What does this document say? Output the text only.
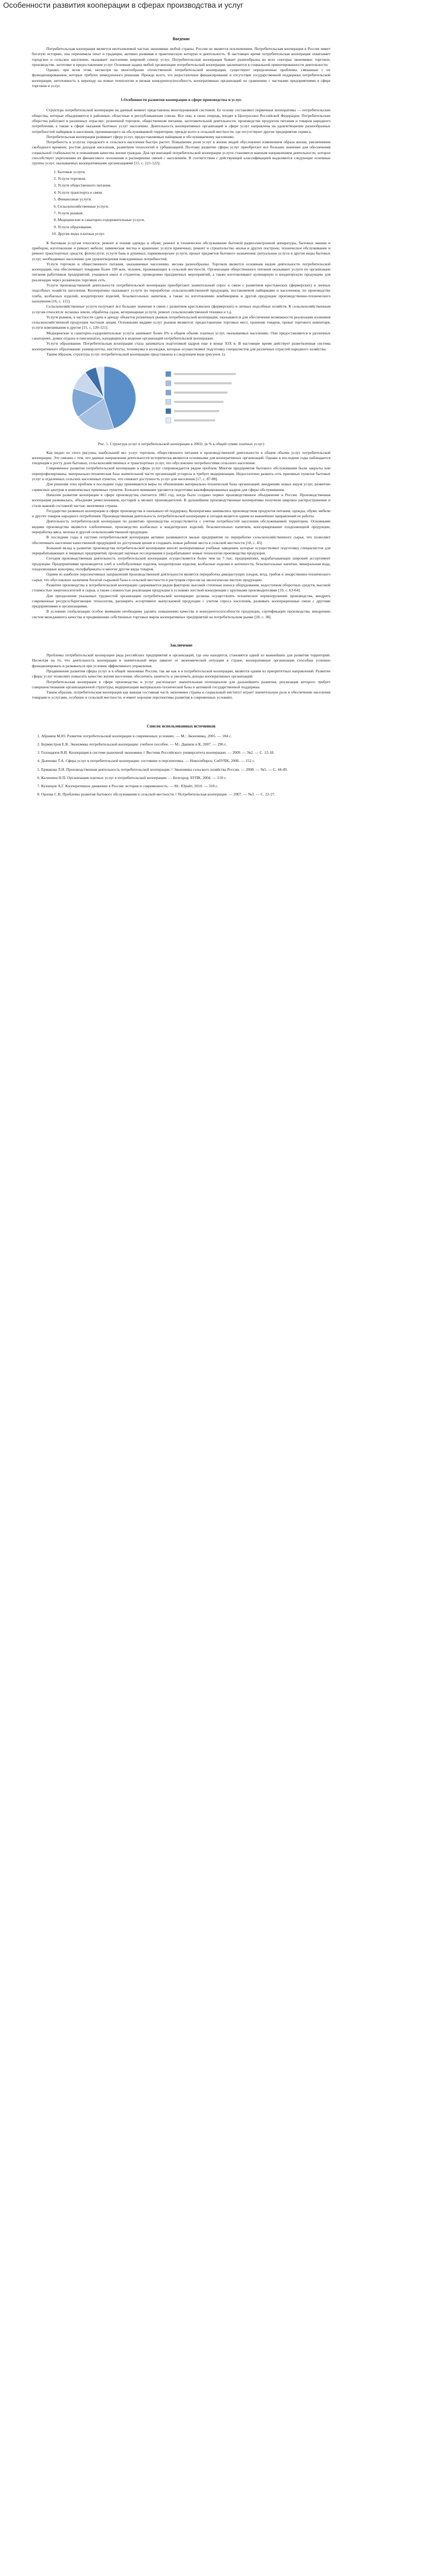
Особенности развития кооперации в сферах производства и услуг
Введение

Потребительская кооперация является неотъемлемой частью экономики любой страны. России не является исключением. Потребительская кооперация в России имеет богатую историю, она перенимала опыт и традиции, активно развивая в практическую которую и деятельность. В настоящее время потребительская кооперация охватывает городское и сельское население, оказывает населению широкий спектр услуг. Потребительская кооперация бывает разнообразна во всех секторах экономики: торговле, производстве, заготовке и предоставлении услуг. Основная задача любой организации потребительской кооперации заключается в социальной ориентированности деятельности.

Однако, при всем этом, несмотря на многообразие отечественной потребительской кооперации, существуют определенные проблемы, связанные с их функционированием, которые требуют немедленного решения. Прежде всего, это недостаточное финансирование и отсутствие государственной поддержки потребительской кооперации, неготовность к переходу на новые технологии и низкая конкурентоспособность кооперативных организаций по сравнению с частными предприятиями в сфере торговли и услуг.

1.Особенности развития кооперации в сфере производства и услуг.

Структура потребительской кооперации на данный момент представлена многоуровневой системой. Ее основу составляют первичные кооперативы — потребительские общества, которые объединяются в районные, областные и республиканские союзы. Все они, в свою очередь, входят в Центросоюз Российской Федерации. Потребительские общества работают в различных отраслях: розничной торговле, общественном питании, заготовительной деятельности, производстве продуктов питания и товаров народного потребления, а также в сфере оказания бытовых услуг населению. Деятельность кооперативных организаций в сфере услуг направлена на удовлетворение разнообразных потребностей пайщиков и населения, проживающего на обслуживаемой территории, прежде всего в сельской местности, где отсутствуют другие предприятия сервиса.

Потребительская кооперация развивает сферу услуг, предоставляемых пайщикам и обслуживаемому населению.

Потребность в услугах городского и сельского населения быстро растет. Повышение роли услуг в жизни людей обусловлено изменением образа жизни, увеличением свободного времени, ростом доходов населения, развитием технологий и урбанизацией. Поэтому развитие сферы услуг приобретает все большее значение для обеспечения социальной стабильности и повышения качества жизни граждан. Для организаций потребительской кооперации услуги становятся важным направлением деятельности, которое способствует укреплению их финансового положения и расширению связей с населением. В соответствии с действующей классификацией выделяются следующие основные группы услуг, оказываемых кооперативными организациями [15, с. 121-122]:

1. Бытовые услуги.
2. Услуги торговли.
3. Услуги общественного питания.
4. Услуги транспорта и связи.
5. Финансовые услуги.
6. Сельскохозяйственные услуги.
7. Услуги рынков.
8. Медицинские и санаторно-оздоровительные услуги.
9. Услуги образования.
10. Другие виды платных услуг.

К бытовым услугам относятся: ремонт и пошив одежды и обуви; ремонт и техническое обслуживание бытовой радиоэлектронной аппаратуры, бытовых машин и приборов; изготовление и ремонт мебели; химическая чистка и крашение; услуги прачечных; ремонт и строительство жилья и других построек; техническое обслуживание и ремонт транспортных средств; фотоуслуги; услуги бань и душевых; парикмахерские услуги; прокат предметов бытового назначения; ритуальные услуги и другие виды бытовых услуг, необходимых населению для удовлетворения повседневных потребностей.

Услуги торговли и общественного питания, оказываемые населению, весьма разнообразны. Торговля является основным видом деятельности потребительской кооперации, она обеспечивает товарами более 100 млн. человек, проживающих в сельской местности. Организации общественного питания оказывают услуги по организации питания работников предприятий, учащихся школ и студентов, проведению праздничных мероприятий, а также изготавливают кулинарную и кондитерскую продукцию для реализации через розничную торговую сеть.

Услуги производственной деятельности потребительской кооперации приобретают значительный спрос в связи с развитием крестьянских (фермерских) и личных подсобных хозяйств населения. Кооперативы оказывают услуги по переработке сельскохозяйственной продукции, поставляемой пайщиками и населением, по производству хлеба, колбасных изделий, кондитерских изделий, безалкогольных напитков, а также по изготовлению комбикормов и другой продукции производственно-технического назначения [16, с. 115].

Сельскохозяйственные услуги получают все большее значение в связи с развитием крестьянских (фермерских) и личных подсобных хозяйств. К сельскохозяйственным услугам относятся: вспашка земли, обработка садов, ветеринарные услуги, ремонт сельскохозяйственной техники и т.д.

Услуги рынков, в частности сдача в аренду объектов розничных рынков потребительской кооперации, оказываются для обеспечения возможности реализации излишков сельскохозяйственной продукции частным лицам. Основными видами услуг рынков являются: предоставление торговых мест, хранение товаров, прокат торгового инвентаря, услуги взвешивания и другие [15, с. 120-121].

Медицинские и санаторно-оздоровительные услуги занимают более 6% в общем объеме платных услуг, оказываемых населению. Они предоставляются в различных санаториях, домах отдыха и пансионатах, находящихся в ведении организаций потребительской кооперации.

Услуги образования. Потребительская кооперация стала заниматься подготовкой кадров еще в конце XIX в. В настоящее время действует разветвленная система кооперативного образования: университеты, институты, техникумы и колледжи, которые осуществляют подготовку специалистов для различных отраслей народного хозяйства.

Таким образом, структура услуг потребительской кооперации представлена в следующем виде (рисунок 1).

Рис. 1. Структура услуг в потребительской кооперации в 2002г. (в % к общей сумме платных услуг)

Как видно из этого рисунка, наибольший вес услуг торговли, общественного питания и производственной деятельности в общем объеме услуг потребительской кооперации. Это связано с тем, что данные направления деятельности исторически являются основными для кооперативных организаций. Однако в последние годы наблюдается тенденция к росту доли бытовых, сельскохозяйственных и транспортных услуг, что обусловлено потребностями сельского населения.

Современное развитие потребительской кооперации в сфере услуг сопровождается рядом проблем. Многие предприятия бытового обслуживания были закрыты или перепрофилированы, материально-техническая база значительной части организаций устарела и требует модернизации. Недостаточно развита сеть приемных пунктов бытовых услуг в отдаленных сельских населенных пунктах, что снижает доступность услуг для населения [17, с. 87-88].

Для решения этих проблем в последние годы принимаются меры по обновлению материально-технической базы организаций, внедрению новых видов услуг, развитию сервисных центров и комплексных приемных пунктов. Большое внимание уделяется подготовке квалифицированных кадров для сферы обслуживания.

Началом развития кооперации в сфере производства считается 1865 год, когда было создано первое производственное объединение в России. Производственная кооперация развивалась, объединяя ремесленников, кустарей и мелких производителей. В дальнейшем производственные кооперативы получили широкое распространение и стали важной составной частью экономики страны.

Государство развивало кооперацию в сфере производства и оказывало ей поддержку. Кооперативы занимались производством продуктов питания, одежды, обуви, мебели и других товаров народного потребления. Производственная деятельность потребительской кооперации и сегодня является одним из важнейших направлений ее работы.

Деятельность потребительской кооперации по развитию производства осуществляется с учетом потребностей населения обслуживаемой территории. Основными видами производства являются хлебопечение, производство колбасных и кондитерских изделий, безалкогольных напитков, консервирование плодоовощной продукции, переработка мяса, молока и другой сельскохозяйственной продукции.

В последние годы в системе потребительской кооперации активно развиваются малые предприятия по переработке сельскохозяйственного сырья, что позволяет обеспечивать население качественной продукцией по доступным ценам и создавать новые рабочие места в сельской местности [18, с. 45].

Большой вклад в развитие производства потребительской кооперации вносят кооперативные учебные заведения, которые осуществляют подготовку специалистов для перерабатывающих и пищевых предприятий, проводят научные исследования и разрабатывают новые технологии производства продукции.

Сегодня производственная деятельность потребительской кооперации осуществляется более чем на 7 тыс. предприятиях, вырабатывающих широкий ассортимент продукции. Предприятиями производится хлеб и хлебобулочные изделия, кондитерские изделия, колбасные изделия и копчености, безалкогольные напитки, минеральная вода, плодоовощные консервы, полуфабрикаты и многие другие виды товаров.

Одним из наиболее перспективных направлений производственной деятельности является переработка дикорастущих плодов, ягод, грибов и лекарственно-технического сырья, что обусловлено наличием богатой сырьевой базы в сельской местности и растущим спросом на экологически чистую продукцию.

Развитие производства в потребительской кооперации сдерживается рядом факторов: высокой степенью износа оборудования, недостатком оборотных средств, высокой стоимостью энергоносителей и сырья, а также сложностью реализации продукции в условиях жесткой конкуренции с крупными производителями [19, с. 63-64].

Для преодоления указанных трудностей организации потребительской кооперации должны осуществлять техническое перевооружение производства, внедрять современные ресурсосберегающие технологии, расширять ассортимент выпускаемой продукции с учетом спроса населения, развивать кооперационные связи с другими предприятиями и организациями.

В условиях глобализации особое внимание необходимо уделять повышению качества и конкурентоспособности продукции, сертификации производства, внедрению систем менеджмента качества и продвижению собственных торговых марок кооперативных предприятий на потребительском рынке [20, с. 38].

Заключение

Проблемы потребительской кооперации ряда российских предприятий и организаций, где она находится, становятся одной из важнейших для развития территорий. Несмотря на то, что деятельность кооперации в значительной мере зависит от экономической ситуации в стране, кооперативные организации способны успешно функционировать и развиваться при условии эффективного управления.

Продвижение развития сферы услуг и в общей экономике России, так же как и в потребительской кооперации, является одним из приоритетных направлений. Развитие сферы услуг позволяет повысить качество жизни населения, обеспечить занятость и увеличить доходы кооперативных организаций.

Потребительская кооперация в сфере производства и услуг располагает значительным потенциалом для дальнейшего развития, реализация которого требует совершенствования организационной структуры, модернизации материально-технической базы и активной государственной поддержки.

Таким образом, потребительская кооперация как важная составная часть экономики страны и социальный институт играет значительную роль в обеспечении населения товарами и услугами, особенно в сельской местности, и имеет хорошие перспективы развития в современных условиях.

Список использованных источников
1. Абрамов М.Ю. Развитие потребительской кооперации в современных условиях. — М.: Экономика, 2005. — 184 с.
2. Бурмистров Е.В. Экономика потребительской кооперации: учебное пособие. — М.: Дашков и К, 2007. — 296 с.
3. Голощапов В.И. Кооперация в системе рыночной экономики // Вестник Российского университета кооперации. — 2009. — №2. — С. 12-18.
4. Дьяченко Т.А. Сфера услуг в потребительской кооперации: состояние и перспективы. — Новосибирск: СибУПК, 2006. — 152 с.
5. Ермакова Л.Н. Производственная деятельность потребительской кооперации // Экономика сельского хозяйства России. — 2008. — №5. — С. 44-49.
6. Калинина Н.П. Организация платных услуг в потребительской кооперации. — Белгород: БУПК, 2004. — 210 с.
7. Кузнецов А.Г. Кооперативное движение в России: история и современность. — М.: Юрайт, 2010. — 318 с.
8. Орлова С.В. Проблемы развития бытового обслуживания в сельской местности // Потребительская кооперация. — 2007. — №3. — С. 22-27.
